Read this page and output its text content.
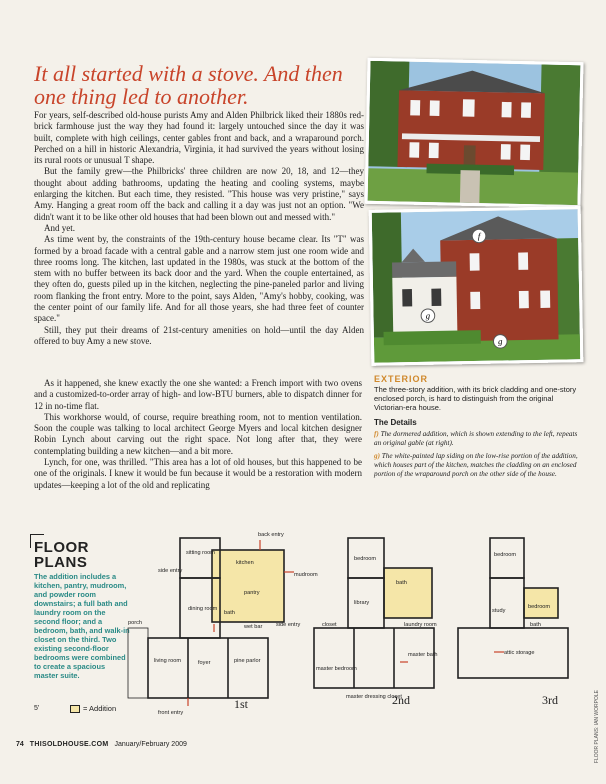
It all started with a stove. And then one thing led to another.

For years, self-described old-house purists Amy and Alden Philbrick liked their 1880s red-brick farmhouse just the way they had found it: largely untouched since the day it was built, complete with high ceilings, center gables front and back, and a wraparound porch. Perched on a hill in historic Alexandria, Virginia, it had survived the years without losing its rural roots or unusual T shape.

But the family grew—the Philbricks' three children are now 20, 18, and 12—they thought about adding bathrooms, updating the heating and cooling systems, maybe enlarging the kitchen. But each time, they resisted. "This house was very pristine," says Amy. Hanging a great room off the back and calling it a day was just not an option. "We didn't want it to be like other old houses that had been blown out and messed with."

And yet.

As time went by, the constraints of the 19th-century house became clear. Its "T" was formed by a broad facade with a central gable and a narrow stem just one room wide and three rooms long. The kitchen, last updated in the 1980s, was stuck at the bottom of the stem with no buffer between its back door and the yard. When the couple entertained, as they often do, guests piled up in the kitchen, neglecting the pine-paneled parlor and living room flanking the front entry. More to the point, says Alden, "Amy's hobby, cooking, was the center point of our family life. And for all those years, she had three feet of counter space."

Still, they put their dreams of 21st-century amenities on hold—until the day Alden offered to buy Amy a new stove.

As it happened, she knew exactly the one she wanted: a French import with two ovens and a customized-to-order array of high- and low-BTU burners, able to dispatch dinner for 12 in no-time flat.

This workhorse would, of course, require breathing room, not to mention ventilation. Soon the couple was talking to local architect George Myers and local kitchen designer Robin Lynch about carving out the right space. Not long after that, they were contemplating building a new kitchen—and a bit more.

Lynch, for one, was thrilled. "This area has a lot of old houses, but this happened to be one of the originals. I knew it would be fun because it would be a restoration with modern updates—keeping a lot of the old and replicating

f
g
g
EXTERIOR
The three-story addition, with its brick cladding and one-story enclosed porch, is hard to distinguish from the original Victorian-era house.
The Details
f) The dormered addition, which is shown extending to the left, repeats an original gable (at right).
g) The white-painted lap siding on the low-rise portion of the addition, which houses part of the kitchen, matches the cladding on an enclosed portion of the wraparound porch on the other side of the house.
FLOOR
PLANS
The addition includes a kitchen, pantry, mudroom, and powder room downstairs; a full bath and laundry room on the second floor; and a bedroom, bath, and walk-in closet on the third. Two existing second-floor bedrooms were combined to create a spacious master suite.
5'	= Addition
sitting room
kitchen
back entry
mudroom
side entry
pantry
dining room
bath
wet bar side entry
porch
living room	foyer	pine parlor
front entry
1st
bedroom
bath
library
laundry room
closet
master bath
master bedroom
master dressing closet
2nd
bedroom
study
bedroom
bath
attic storage
3rd	FLOOR PLANS: IAN WORPOLE
74 THISOLDHOUSE.COM January/February 2009
